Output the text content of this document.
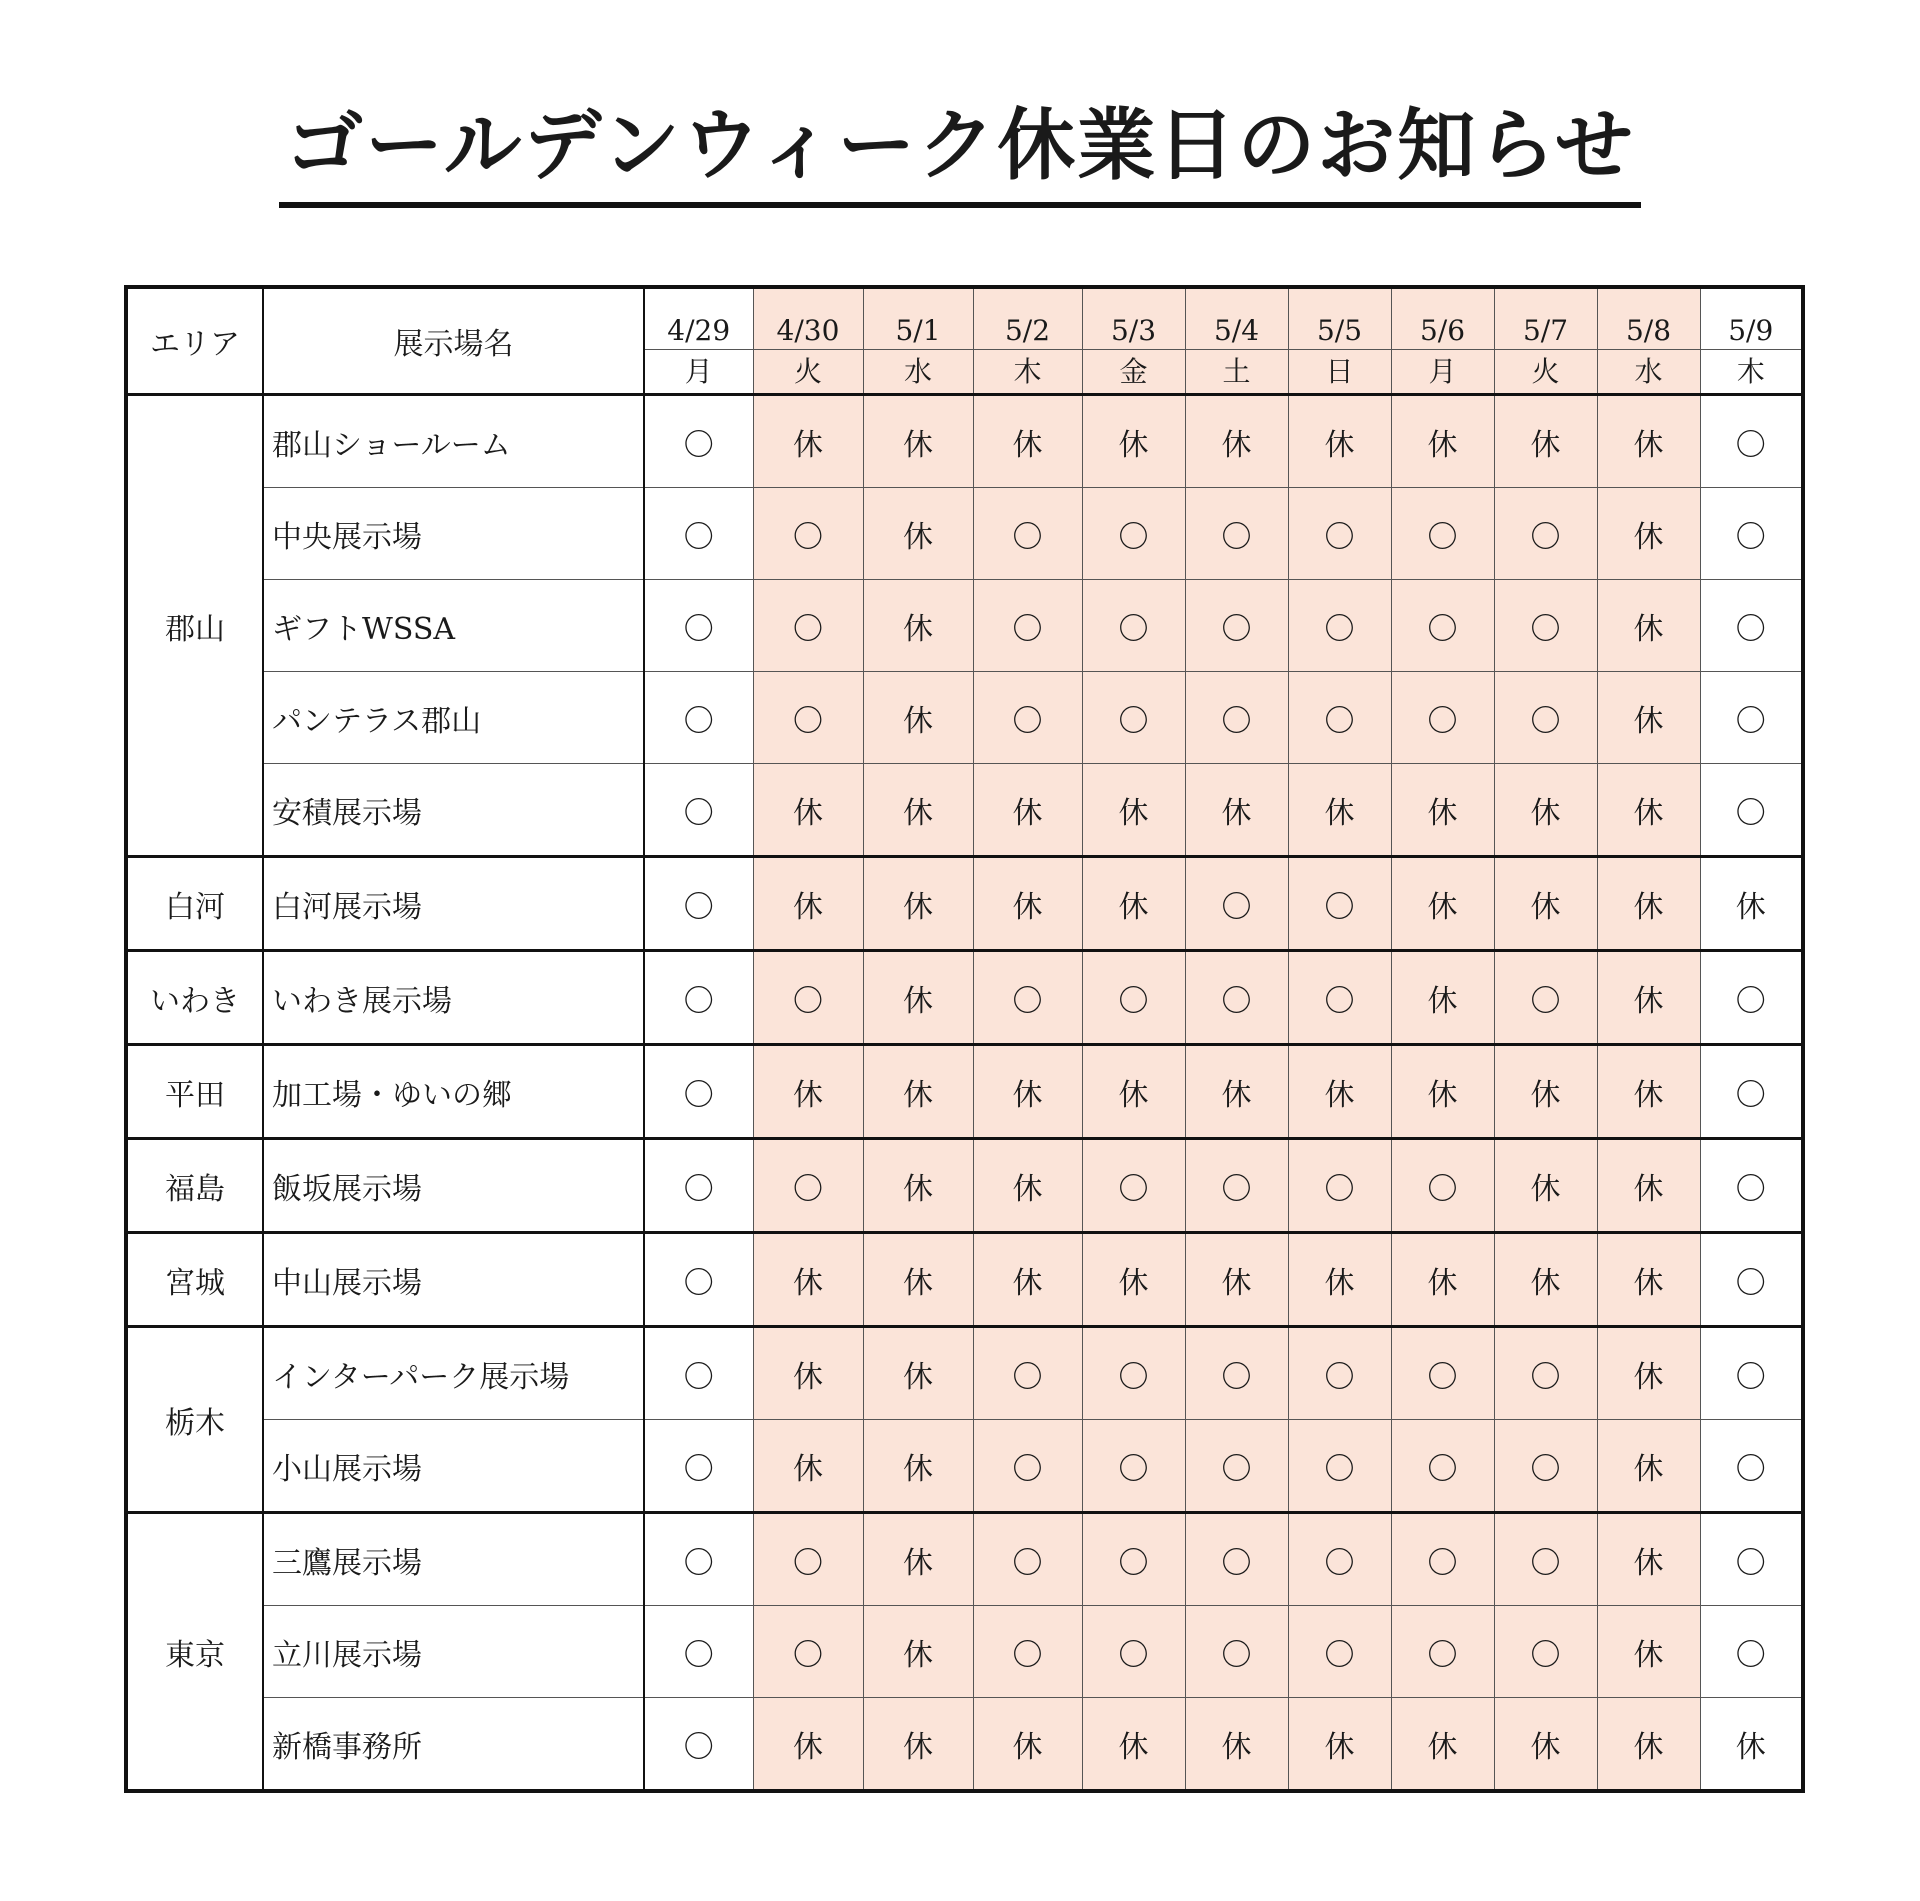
ゴールデンウィーク休業日のお知らせ
エリア	展示場名	4/29	4/30	5/1	5/2	5/3	5/4	5/5	5/6	5/7	5/8	5/9
		月	火	水	木	金	土	日	月	火	水	木
郡山	郡山ショールーム	〇	休	休	休	休	休	休	休	休	休	〇
	中央展示場	〇	〇	休	〇	〇	〇	〇	〇	〇	休	〇
	ギフトWSSA	〇	〇	休	〇	〇	〇	〇	〇	〇	休	〇
	パンテラス郡山	〇	〇	休	〇	〇	〇	〇	〇	〇	休	〇
	安積展示場	〇	休	休	休	休	休	休	休	休	休	〇
白河	白河展示場	〇	休	休	休	休	〇	〇	休	休	休	休
いわき	いわき展示場	〇	〇	休	〇	〇	〇	〇	休	〇	休	〇
平田	加工場・ゆいの郷	〇	休	休	休	休	休	休	休	休	休	〇
福島	飯坂展示場	〇	〇	休	休	〇	〇	〇	〇	休	休	〇
宮城	中山展示場	〇	休	休	休	休	休	休	休	休	休	〇
栃木	インターパーク展示場	〇	休	休	〇	〇	〇	〇	〇	〇	休	〇
	小山展示場	〇	休	休	〇	〇	〇	〇	〇	〇	休	〇
東京	三鷹展示場	〇	〇	休	〇	〇	〇	〇	〇	〇	休	〇
	立川展示場	〇	〇	休	〇	〇	〇	〇	〇	〇	休	〇
	新橋事務所	〇	休	休	休	休	休	休	休	休	休	休
